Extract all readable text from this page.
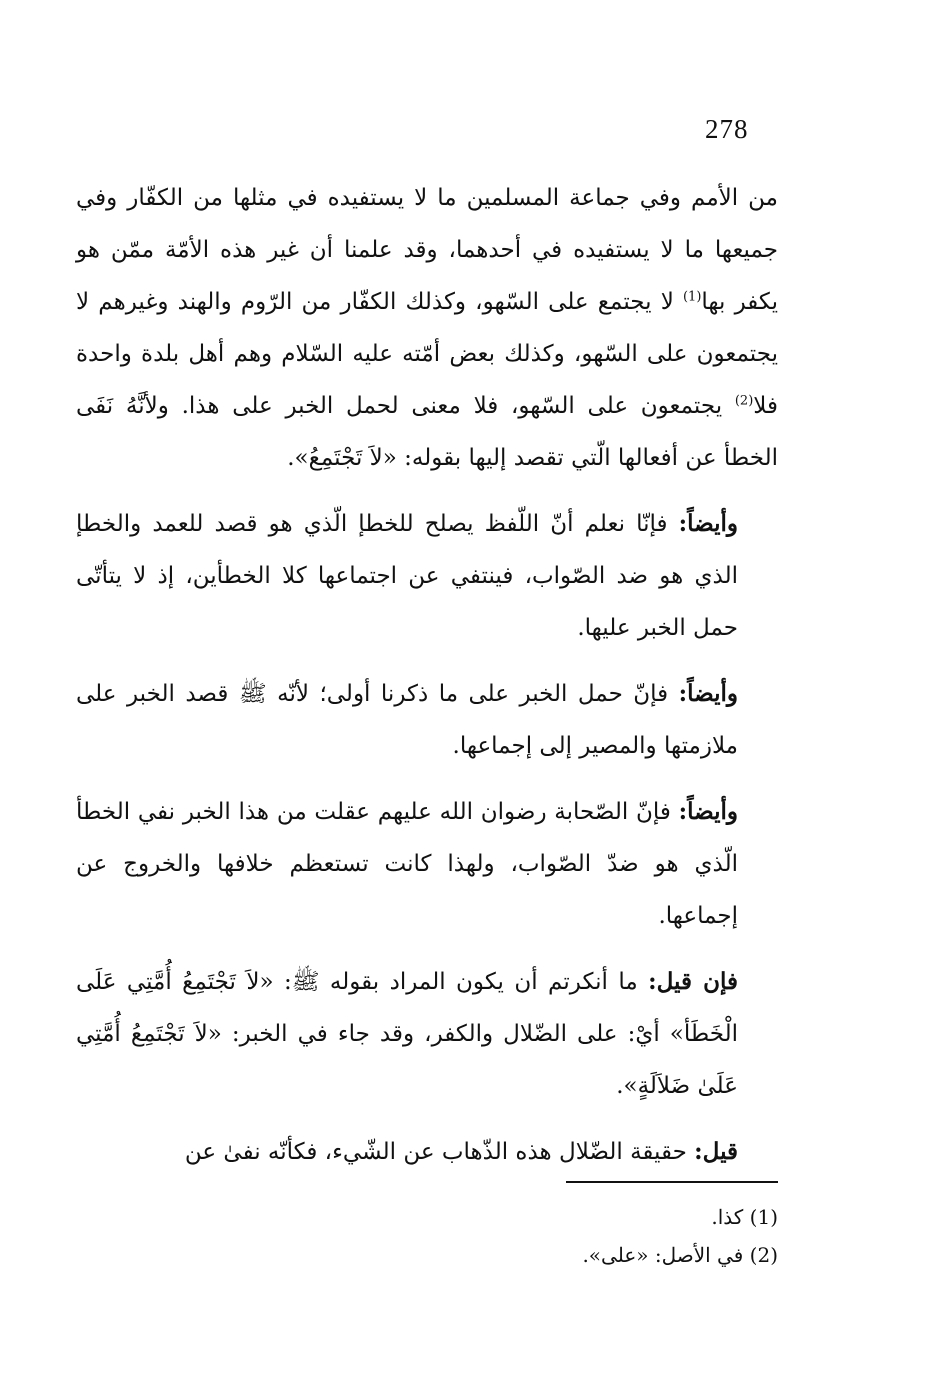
278

من الأمم وفي جماعة المسلمين ما لا يستفيده في مثلها من الكفّار وفي جميعها ما لا يستفيده في أحدهما، وقد علمنا أن غير هذه الأمّة ممّن هو يكفر بها$^{(1)}$ لا يجتمع على السّهو، وكذلك الكفّار من الرّوم والهند وغيرهم لا يجتمعون على السّهو، وكذلك بعض أمّته عليه السّلام وهم أهل بلدة واحدة فلا$^{(2)}$ يجتمعون على السّهو، فلا معنى لحمل الخبر على هذا. ولأنَّهُ نَفَى الخطأ عن أفعالها الّتي تقصد إليها بقوله: «لاَ تَجْتَمِعُ».

وأيضاً: فإنّا نعلم أنّ اللّفظ يصلح للخطإ الّذي هو قصد للعمد والخطإ الذي هو ضد الصّواب، فينتفي عن اجتماعها كلا الخطأين، إذ لا يتأتّى حمل الخبر عليها.

وأيضاً: فإنّ حمل الخبر على ما ذكرنا أولى؛ لأنّه ﷺ قصد الخبر على ملازمتها والمصير إلى إجماعها.

وأيضاً: فإنّ الصّحابة رضوان الله عليهم عقلت من هذا الخبر نفي الخطأ الّذي هو ضدّ الصّواب، ولهذا كانت تستعظم خلافها والخروج عن إجماعها.

فإن قيل: ما أنكرتم أن يكون المراد بقوله ﷺ: «لاَ تَجْتَمِعُ أُمَّتِي عَلَى الْخَطَأ» أيْ: على الضّلال والكفر، وقد جاء في الخبر: «لاَ تَجْتَمِعُ أُمَّتِي عَلَىٰ ضَلاَلَةٍ».

قيل: حقيقة الضّلال هذه الذّهاب عن الشّيء، فكأنّه نفىٰ عن

(1) كذا.

(2) في الأصل: «على».
